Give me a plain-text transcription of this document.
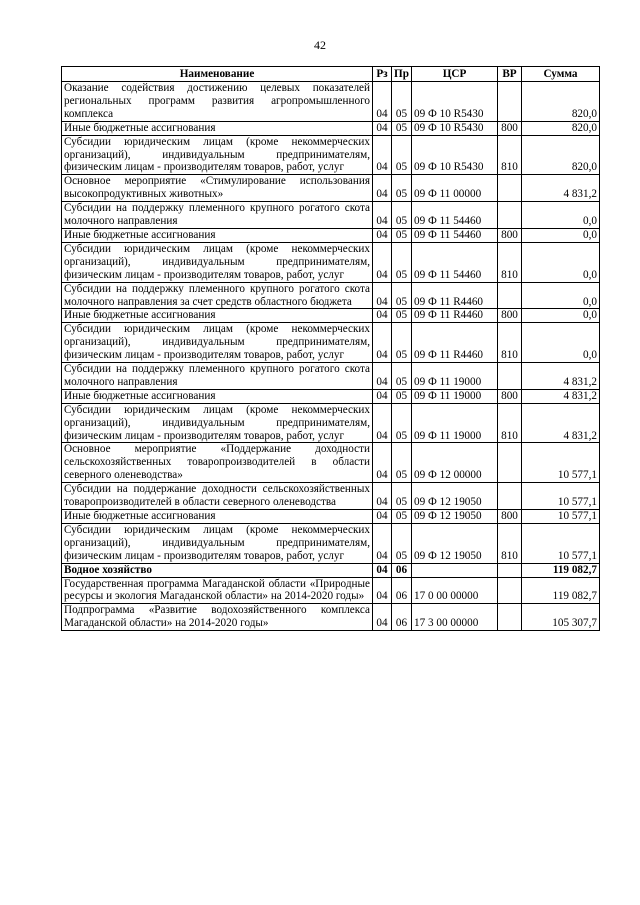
42
Наименование	Рз	Пр	ЦСР	ВР	Сумма
Оказание содействия достижению целевых показателей региональных программ развития агропромышленного комплекса	04	05	09 Ф 10 R5430		820,0
Иные бюджетные ассигнования	04	05	09 Ф 10 R5430	800	820,0
Субсидии юридическим лицам (кроме некоммерческих организаций), индивидуальным предпринимателям, физическим лицам - производителям товаров, работ, услуг	04	05	09 Ф 10 R5430	810	820,0
Основное мероприятие «Стимулирование использования высокопродуктивных животных»	04	05	09 Ф 11 00000		4 831,2
Субсидии на поддержку племенного крупного рогатого скота молочного направления	04	05	09 Ф 11 54460		0,0
Иные бюджетные ассигнования	04	05	09 Ф 11 54460	800	0,0
Субсидии юридическим лицам (кроме некоммерческих организаций), индивидуальным предпринимателям, физическим лицам - производителям товаров, работ, услуг	04	05	09 Ф 11 54460	810	0,0
Субсидии на поддержку племенного крупного рогатого скота молочного направления за счет средств областного бюджета	04	05	09 Ф 11 R4460		0,0
Иные бюджетные ассигнования	04	05	09 Ф 11 R4460	800	0,0
Субсидии юридическим лицам (кроме некоммерческих организаций), индивидуальным предпринимателям, физическим лицам - производителям товаров, работ, услуг	04	05	09 Ф 11 R4460	810	0,0
Субсидии на поддержку племенного крупного рогатого скота молочного направления	04	05	09 Ф 11 19000		4 831,2
Иные бюджетные ассигнования	04	05	09 Ф 11 19000	800	4 831,2
Субсидии юридическим лицам (кроме некоммерческих организаций), индивидуальным предпринимателям, физическим лицам - производителям товаров, работ, услуг	04	05	09 Ф 11 19000	810	4 831,2
Основное мероприятие «Поддержание доходности сельскохозяйственных товаропроизводителей в области северного оленеводства»	04	05	09 Ф 12 00000		10 577,1
Субсидии на поддержание доходности сельскохозяйственных товаропроизводителей в области северного оленеводства	04	05	09 Ф 12 19050		10 577,1
Иные бюджетные ассигнования	04	05	09 Ф 12 19050	800	10 577,1
Субсидии юридическим лицам (кроме некоммерческих организаций), индивидуальным предпринимателям, физическим лицам - производителям товаров, работ, услуг	04	05	09 Ф 12 19050	810	10 577,1
Водное хозяйство	04	06			119 082,7
Государственная программа Магаданской области «Природные ресурсы и экология Магаданской области» на 2014-2020 годы»	04	06	17 0 00 00000		119 082,7
Подпрограмма «Развитие водохозяйственного комплекса Магаданской области» на 2014-2020 годы»	04	06	17 3 00 00000		105 307,7
